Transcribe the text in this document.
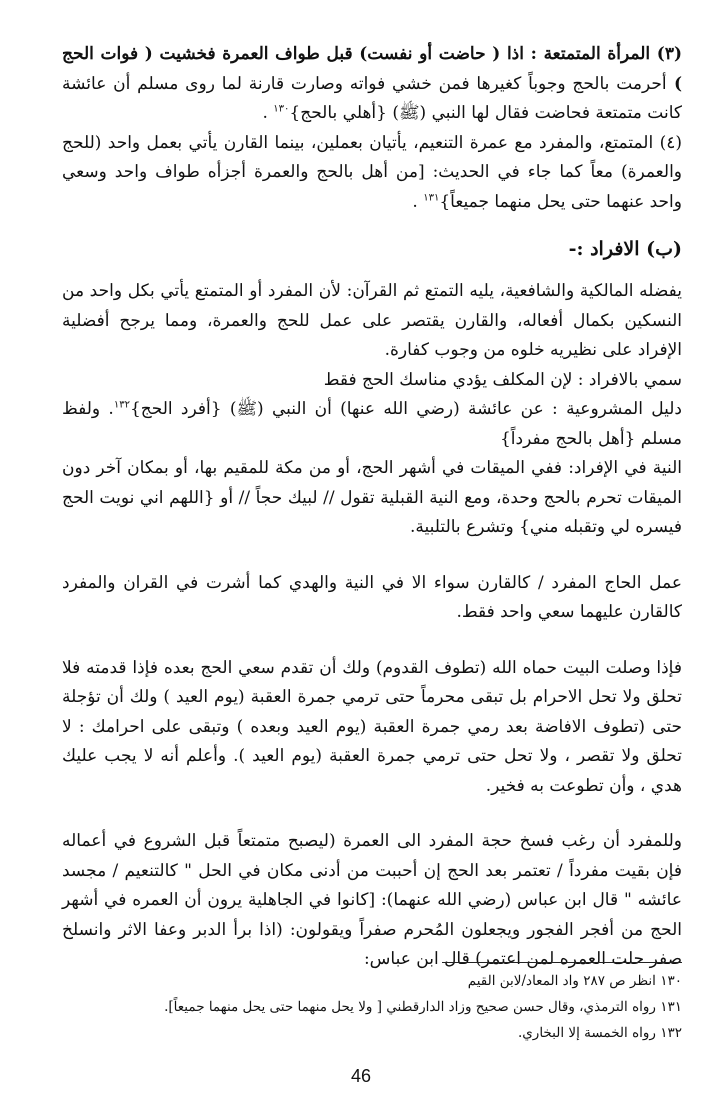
(٣) المرأة المتمتعة : اذا ( حاضت أو نفست) قبل طواف العمرة فخشيت ( فوات الحج ) أحرمت بالحج وجوباً كغيرها فمن خشي فواته وصارت قارنة لما روى مسلم أن عائشة كانت متمتعة فحاضت فقال لها النبي (ﷺ) {أهلي بالحج}$^{١٣٠}$ .

(٤) المتمتع، والمفرد مع عمرة التنعيم، يأتيان بعملين، بينما القارن يأتي بعمل واحد (للحج والعمرة) معاً كما جاء في الحديث: [من أهل بالحج والعمرة أجزأه طواف واحد وسعي واحد عنهما حتى يحل منهما جميعاً}$^{١٣١}$ .

(ب) الافراد :-

يفضله المالكية والشافعية، يليه التمتع ثم القرآن: لأن المفرد أو المتمتع يأتي بكل واحد من النسكين بكمال أفعاله، والقارن يقتصر على عمل للحج والعمرة، ومما يرجح أفضلية الإفراد على نظيريه خلوه من وجوب كفارة.

سمي بالافراد : لإن المكلف يؤدي مناسك الحج فقط

دليل المشروعية : عن عائشة (رضي الله عنها) أن النبي (ﷺ) {أفرد الحج}$^{١٣٢}$. ولفظ مسلم {أهل بالحج مفرداً}

النية في الإفراد: ففي الميقات في أشهر الحج، أو من مكة للمقيم بها، أو بمكان آخر دون الميقات تحرم بالحج وحدة، ومع النية القبلية تقول // لبيك حجاً // أو {اللهم اني نويت الحج فيسره لي وتقبله مني} وتشرع بالتلبية.

عمل الحاج المفرد / كالقارن سواء الا في النية والهدي كما أشرت في القران والمفرد كالقارن عليهما سعي واحد فقط.

فإذا وصلت البيت حماه الله (تطوف القدوم) ولك أن تقدم سعي الحج بعده فإذا قدمته فلا تحلق ولا تحل الاحرام بل تبقى محرماً حتى ترمي جمرة العقبة (يوم العيد ) ولك أن تؤجلة حتى (تطوف الافاضة بعد رمي جمرة العقبة (يوم العيد وبعده ) وتبقى على احرامك : لا تحلق ولا تقصر ، ولا تحل حتى ترمي جمرة العقبة (يوم العيد ). وأعلم أنه لا يجب عليك هدي ، وأن تطوعت به فخير.

وللمفرد أن رغب فسخ حجة المفرد الى العمرة (ليصبح متمتعاً قبل الشروع في أعماله فإن بقيت مفرداً / تعتمر بعد الحج إن أحببت من أدنى مكان في الحل " كالتنعيم / مجسد عائشه " قال ابن عباس (رضي الله عنهما): [كانوا في الجاهلية يرون أن العمره في أشهر الحج من أفجر الفجور ويجعلون المُحرم صفراً ويقولون: (اذا برأ الدبر وعفا الاثر وانسلخ صفر حلت العمره لمن اعتمر) قال ابن عباس:

١٣٠ انظر ص ٢٨٧ واد المعاد/لابن القيم
١٣١ رواه الترمذي، وقال حسن صحيح وزاد الدارقطني [ ولا يحل منهما حتى يحل منهما جميعاً].
١٣٢ رواه الخمسة إلا البخاري.
46
